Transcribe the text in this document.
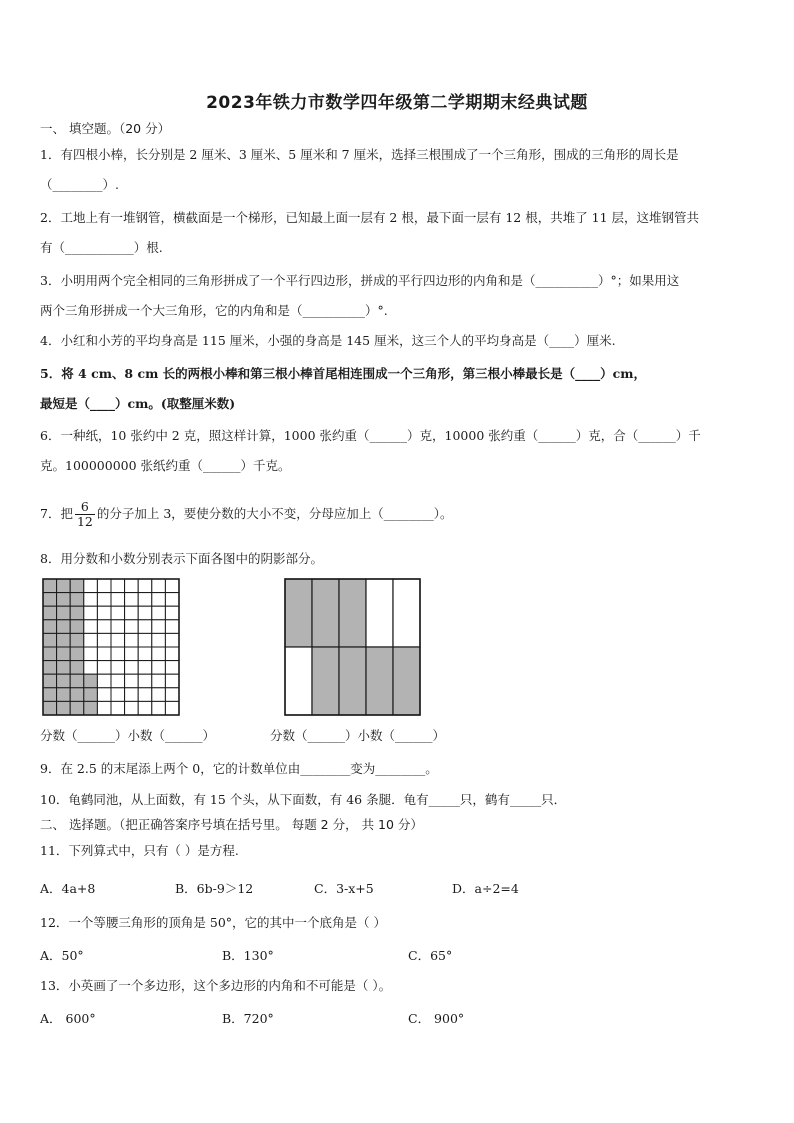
2023年铁力市数学四年级第二学期期末经典试题
一、 填空题。（20 分）
1．有四根小棒，长分别是 2 厘米、3 厘米、5 厘米和 7 厘米，选择三根围成了一个三角形，围成的三角形的周长是
（________）.
2．工地上有一堆钢管，横截面是一个梯形，已知最上面一层有 2 根，最下面一层有 12 根，共堆了 11 层，这堆钢管共
有（___________）根.
3．小明用两个完全相同的三角形拼成了一个平行四边形，拼成的平行四边形的内角和是（__________）°；如果用这
两个三角形拼成一个大三角形，它的内角和是（__________）°.
4．小红和小芳的平均身高是 115 厘米，小强的身高是 145 厘米，这三个人的平均身高是（____）厘米.
5．将 4 cm、8 cm 长的两根小棒和第三根小棒首尾相连围成一个三角形，第三根小棒最长是（____）cm，
最短是（____）cm。(取整厘米数)
6．一种纸，10 张约中 2 克，照这样计算，1000 张约重（______）克，10000 张约重（______）克，合（______）千
克。100000000 张纸约重（______）千克。
7．把 $\frac{6}{12}$ 的分子加上 3，要使分数的大小不变，分母应加上（________）。
8．用分数和小数分别表示下面各图中的阴影部分。
分数（______）小数（______）	分数（______）小数（______）
9．在 2.5 的末尾添上两个 0，它的计数单位由________变为________。
10．龟鹤同池，从上面数，有 15 个头，从下面数，有 46 条腿．龟有_____只，鹤有_____只．
二、 选择题。（把正确答案序号填在括号里。 每题 2 分， 共 10 分）
11．下列算式中，只有（ ）是方程.
A．4a+8	B．6b-9＞12	C．3-x+5	D．a÷2=4
12．一个等腰三角形的顶角是 50°，它的其中一个底角是（ ）
A．50°	B．130°	C．65°
13．小英画了一个多边形，这个多边形的内角和不可能是（ ）。
A． 600°	B．720°	C． 900°
